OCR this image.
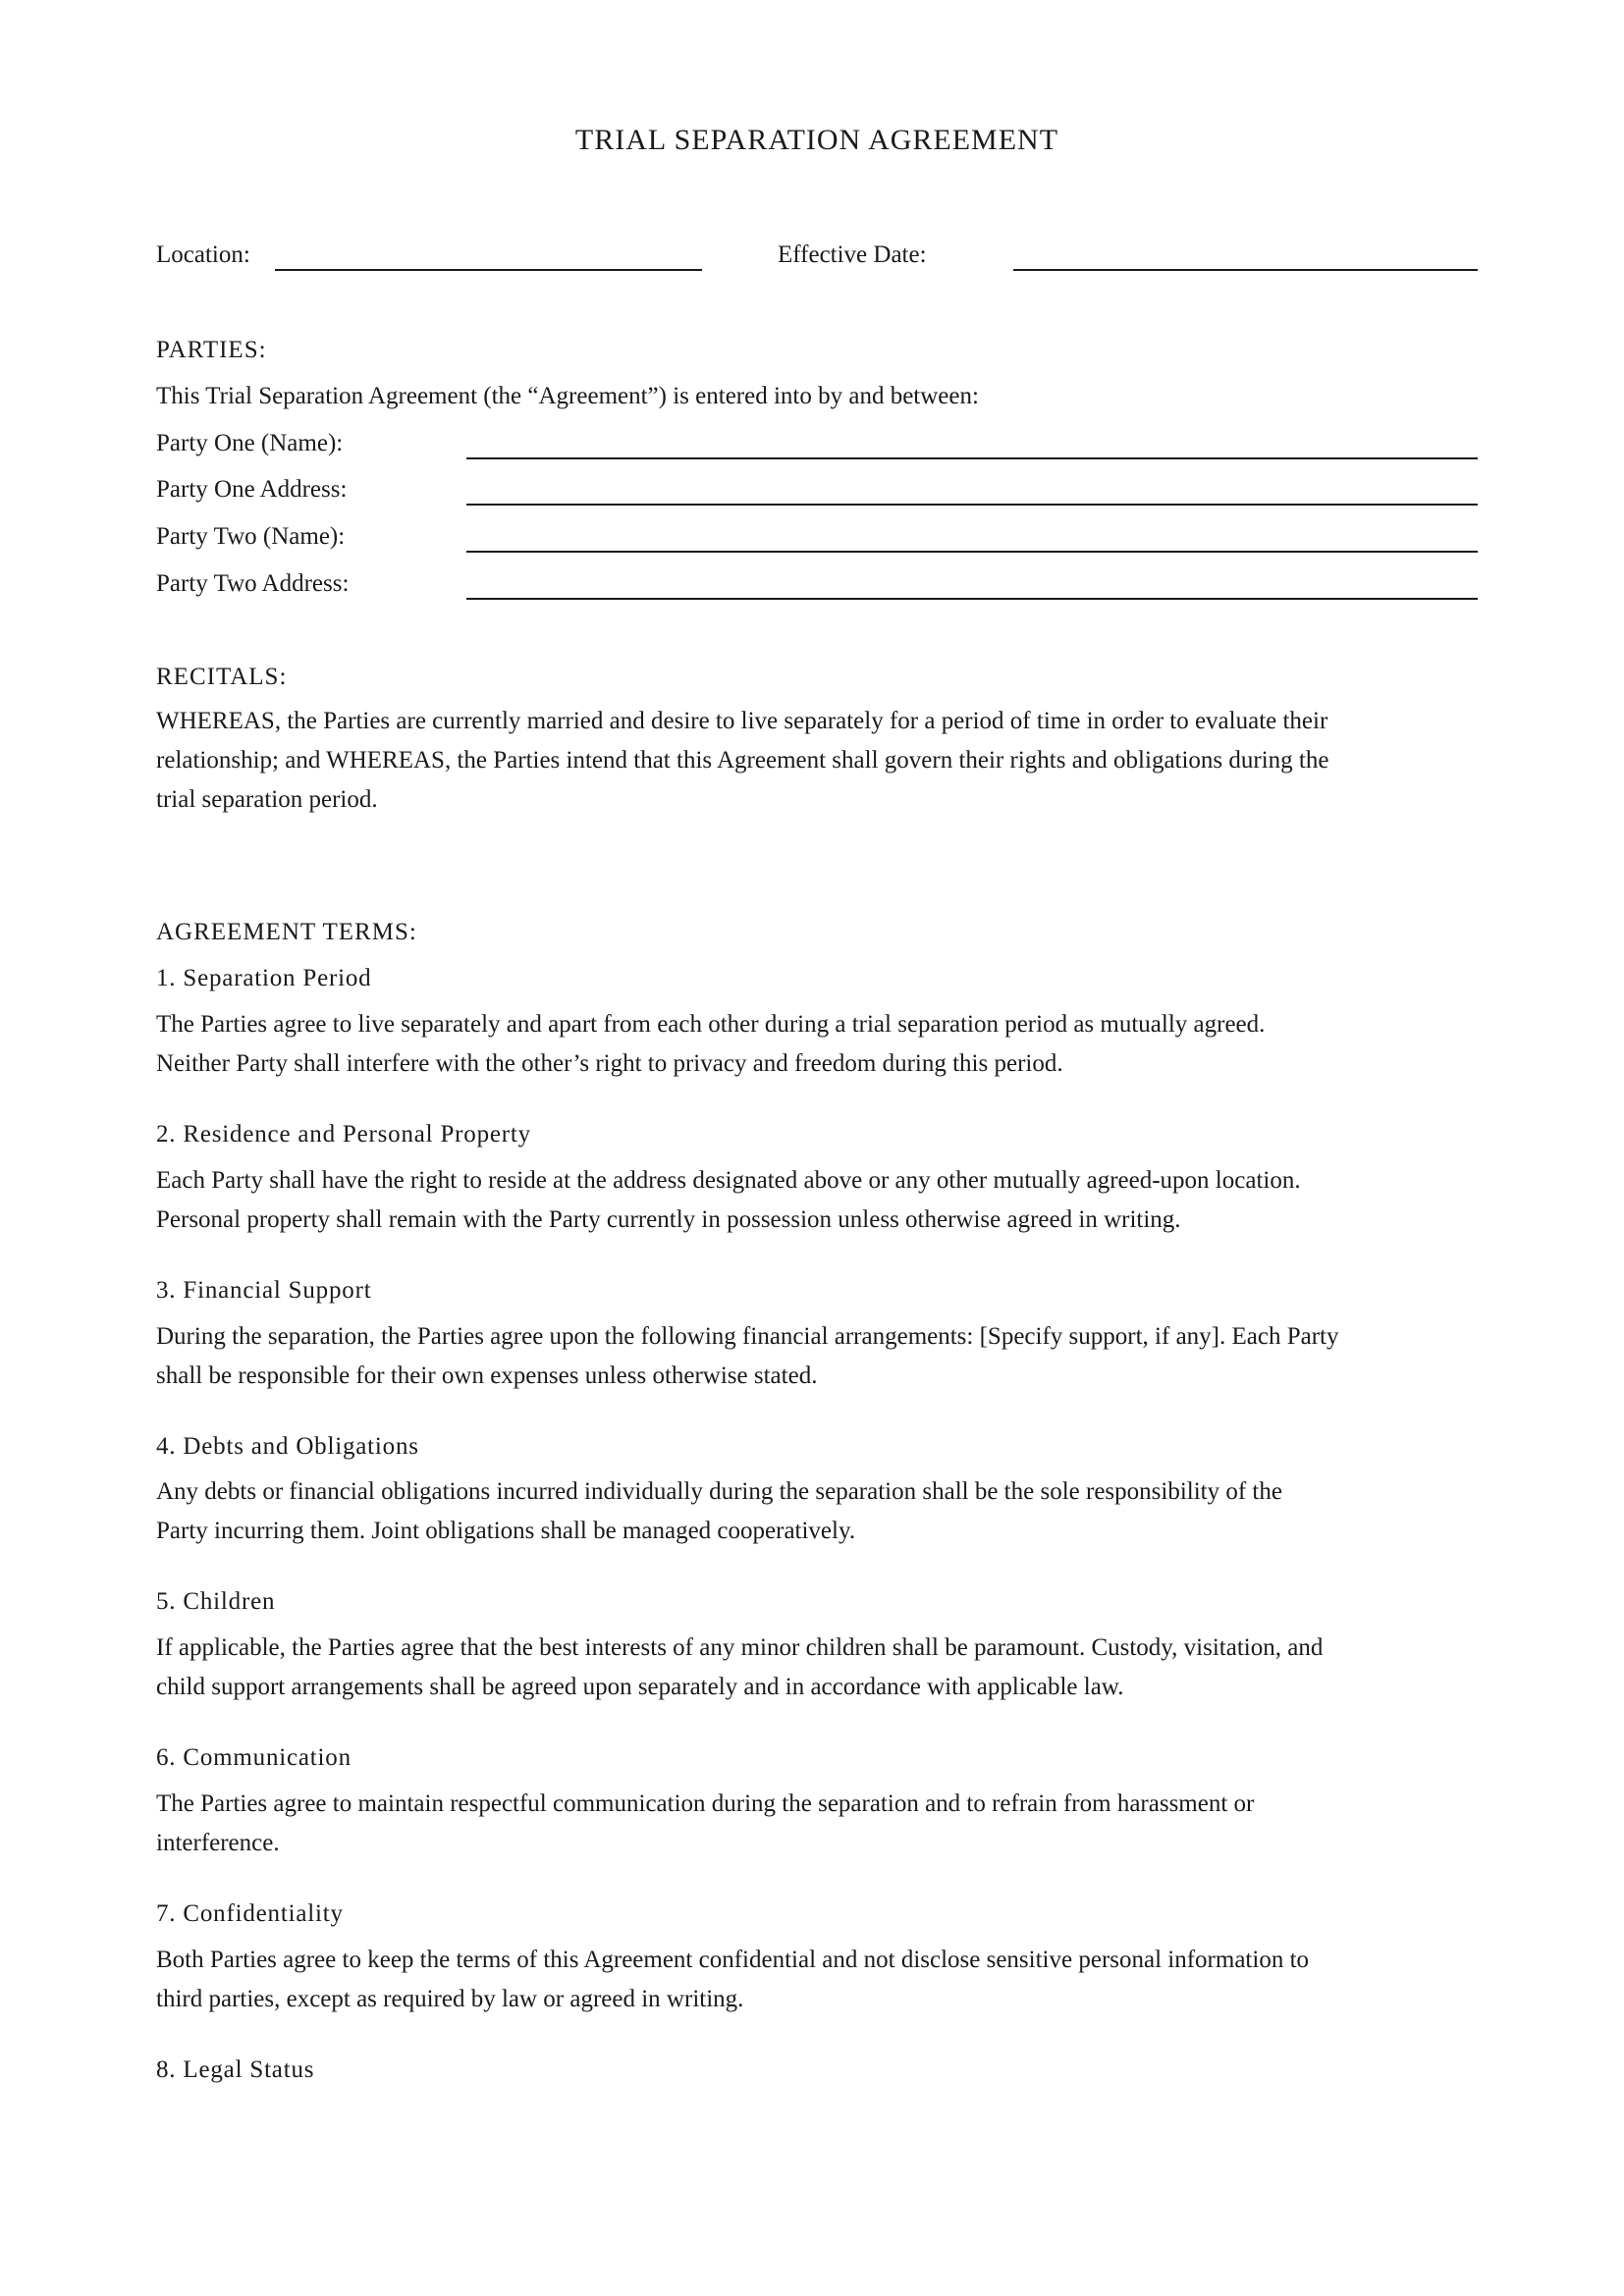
TRIAL SEPARATION AGREEMENT
Location:	Effective Date:
PARTIES:
This Trial Separation Agreement (the “Agreement”) is entered into by and between:
Party One (Name):
Party One Address:
Party Two (Name):
Party Two Address:
RECITALS:
WHEREAS, the Parties are currently married and desire to live separately for a period of time in order to evaluate their
relationship; and WHEREAS, the Parties intend that this Agreement shall govern their rights and obligations during the
trial separation period.
AGREEMENT TERMS:
1. Separation Period
The Parties agree to live separately and apart from each other during a trial separation period as mutually agreed.
Neither Party shall interfere with the other’s right to privacy and freedom during this period.
2. Residence and Personal Property
Each Party shall have the right to reside at the address designated above or any other mutually agreed-upon location.
Personal property shall remain with the Party currently in possession unless otherwise agreed in writing.
3. Financial Support
During the separation, the Parties agree upon the following financial arrangements: [Specify support, if any]. Each Party
shall be responsible for their own expenses unless otherwise stated.
4. Debts and Obligations
Any debts or financial obligations incurred individually during the separation shall be the sole responsibility of the
Party incurring them. Joint obligations shall be managed cooperatively.
5. Children
If applicable, the Parties agree that the best interests of any minor children shall be paramount. Custody, visitation, and
child support arrangements shall be agreed upon separately and in accordance with applicable law.
6. Communication
The Parties agree to maintain respectful communication during the separation and to refrain from harassment or
interference.
7. Confidentiality
Both Parties agree to keep the terms of this Agreement confidential and not disclose sensitive personal information to
third parties, except as required by law or agreed in writing.
8. Legal Status
